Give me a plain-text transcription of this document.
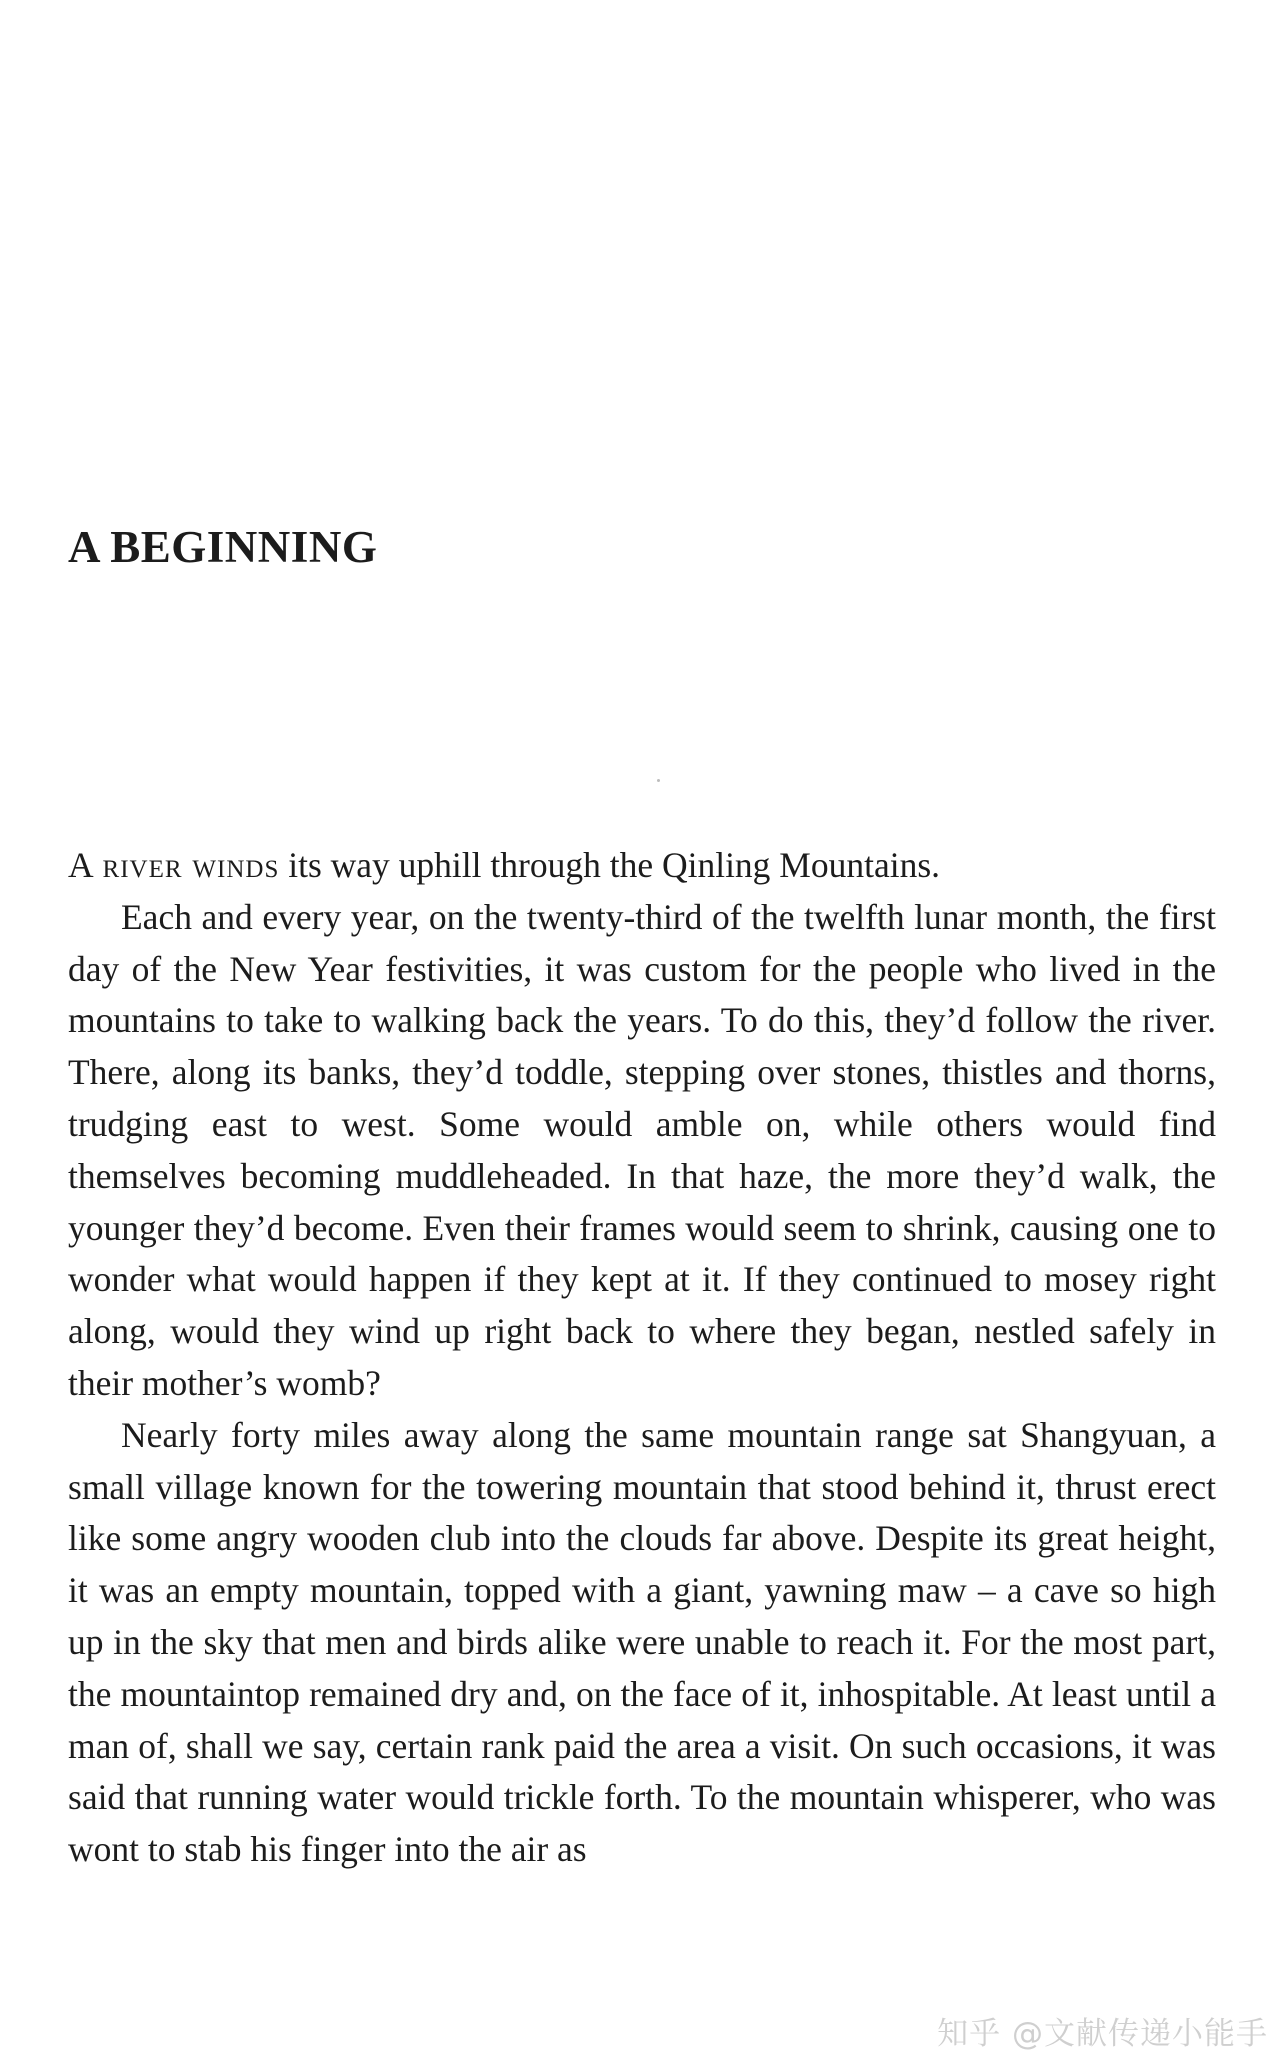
A BEGINNING

A river winds its way uphill through the Qinling Mountains.

Each and every year, on the twenty-third of the twelfth lunar month, the first day of the New Year festivities, it was custom for the people who lived in the mountains to take to walking back the years. To do this, they’d follow the river. There, along its banks, they’d toddle, stepping over stones, thistles and thorns, trudging east to west. Some would amble on, while others would find themselves becoming muddleheaded. In that haze, the more they’d walk, the younger they’d become. Even their frames would seem to shrink, causing one to wonder what would happen if they kept at it. If they continued to mosey right along, would they wind up right back to where they began, nestled safely in their mother’s womb?

Nearly forty miles away along the same mountain range sat Shangyuan, a small village known for the towering mountain that stood behind it, thrust erect like some angry wooden club into the clouds far above. Despite its great height, it was an empty mountain, topped with a giant, yawning maw – a cave so high up in the sky that men and birds alike were unable to reach it. For the most part, the mountaintop remained dry and, on the face of it, inhospitable. At least until a man of, shall we say, certain rank paid the area a visit. On such occasions, it was said that running water would trickle forth. To the mountain whisperer, who was wont to stab his finger into the air as

知乎 @文献传递小能手
